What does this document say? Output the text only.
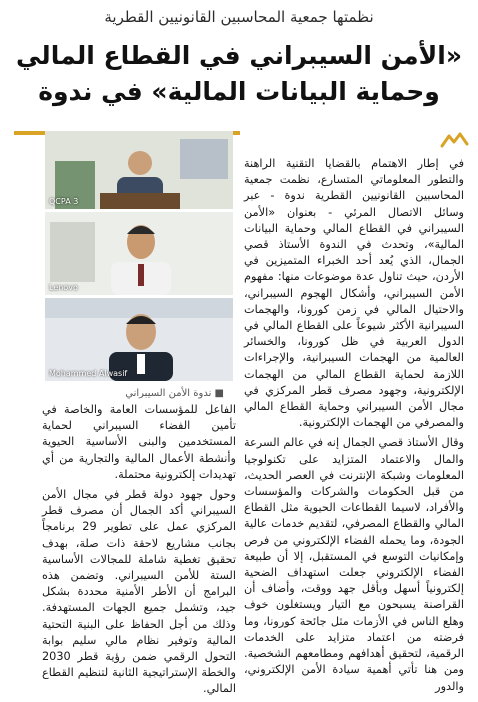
نظمتها جمعية المحاسبين القانونيين القطرية
«الأمن السيبراني في القطاع المالي وحماية البيانات المالية» في ندوة
QCPA 3
Lenovo
Mohammed Alwasif
■ ندوة الأمن السيبراني

في إطار الاهتمام بالقضايا التقنية الراهنة والتطور المعلوماتي المتسارع، نظمت جمعية المحاسبين القانونيين القطرية ندوة - عبر وسائل الاتصال المرئي - بعنوان «الأمن السيبراني في القطاع المالي وحماية البيانات المالية»، وتحدث في الندوة الأستاذ قصي الجمال، الذي يُعد أحد الخبراء المتميزين في الأردن، حيث تناول عدة موضوعات منها: مفهوم الأمن السيبراني، وأشكال الهجوم السيبراني، والاحتيال المالي في زمن كورونا، والهجمات السيبرانية الأكثر شيوعاً على القطاع المالي في الدول العربية في ظل كورونا، والخسائر العالمية من الهجمات السيبرانية، والإجراءات اللازمة لحماية القطاع المالي من الهجمات الإلكترونية، وجهود مصرف قطر المركزي في مجال الأمن السيبراني وحماية القطاع المالي والمصرفي من الهجمات الإلكترونية.

وقال الأستاذ قصي الجمال إنه في عالم السرعة والمال والاعتماد المتزايد على تكنولوجيا المعلومات وشبكة الإنترنت في العصر الحديث، من قبل الحكومات والشركات والمؤسسات والأفراد، لاسيما القطاعات الحيوية مثل القطاع المالي والقطاع المصرفي، لتقديم خدمات عالية الجودة، وما يحمله الفضاء الإلكتروني من فرص وإمكانيات التوسع في المستقبل، إلا أن طبيعة الفضاء الإلكتروني جعلت استهداف الضحية إلكترونياً أسهل وبأقل جهد ووقت، وأضاف أن القراصنة يسبحون مع التيار ويستغلون خوف وهلع الناس في الأزمات مثل جائحة كورونا، وما فرضته من اعتماد متزايد على الخدمات الرقمية، لتحقيق أهدافهم ومطامعهم الشخصية. ومن هنا تأتي أهمية سيادة الأمن الإلكتروني، والدور

الفاعل للمؤسسات العامة والخاصة في تأمين الفضاء السيبراني لحماية المستخدمين والبنى الأساسية الحيوية وأنشطة الأعمال المالية والتجارية من أي تهديدات إلكترونية محتملة.

وحول جهود دولة قطر في مجال الأمن السيبراني أكد الجمال أن مصرف قطر المركزي عمل على تطوير 29 برنامجاً بجانب مشاريع لاحقة ذات صلة، بهدف تحقيق تغطية شاملة للمجالات الأساسية الستة للأمن السيبراني. وتضمن هذه البرامج أن الأطر الأمنية محددة بشكل جيد، وتشمل جميع الجهات المستهدفة. وذلك من أجل الحفاظ على البنية التحتية المالية وتوفير نظام مالي سليم بوابة التحول الرقمي ضمن رؤية قطر 2030 والخطة الإستراتيجية الثانية لتنظيم القطاع المالي.
